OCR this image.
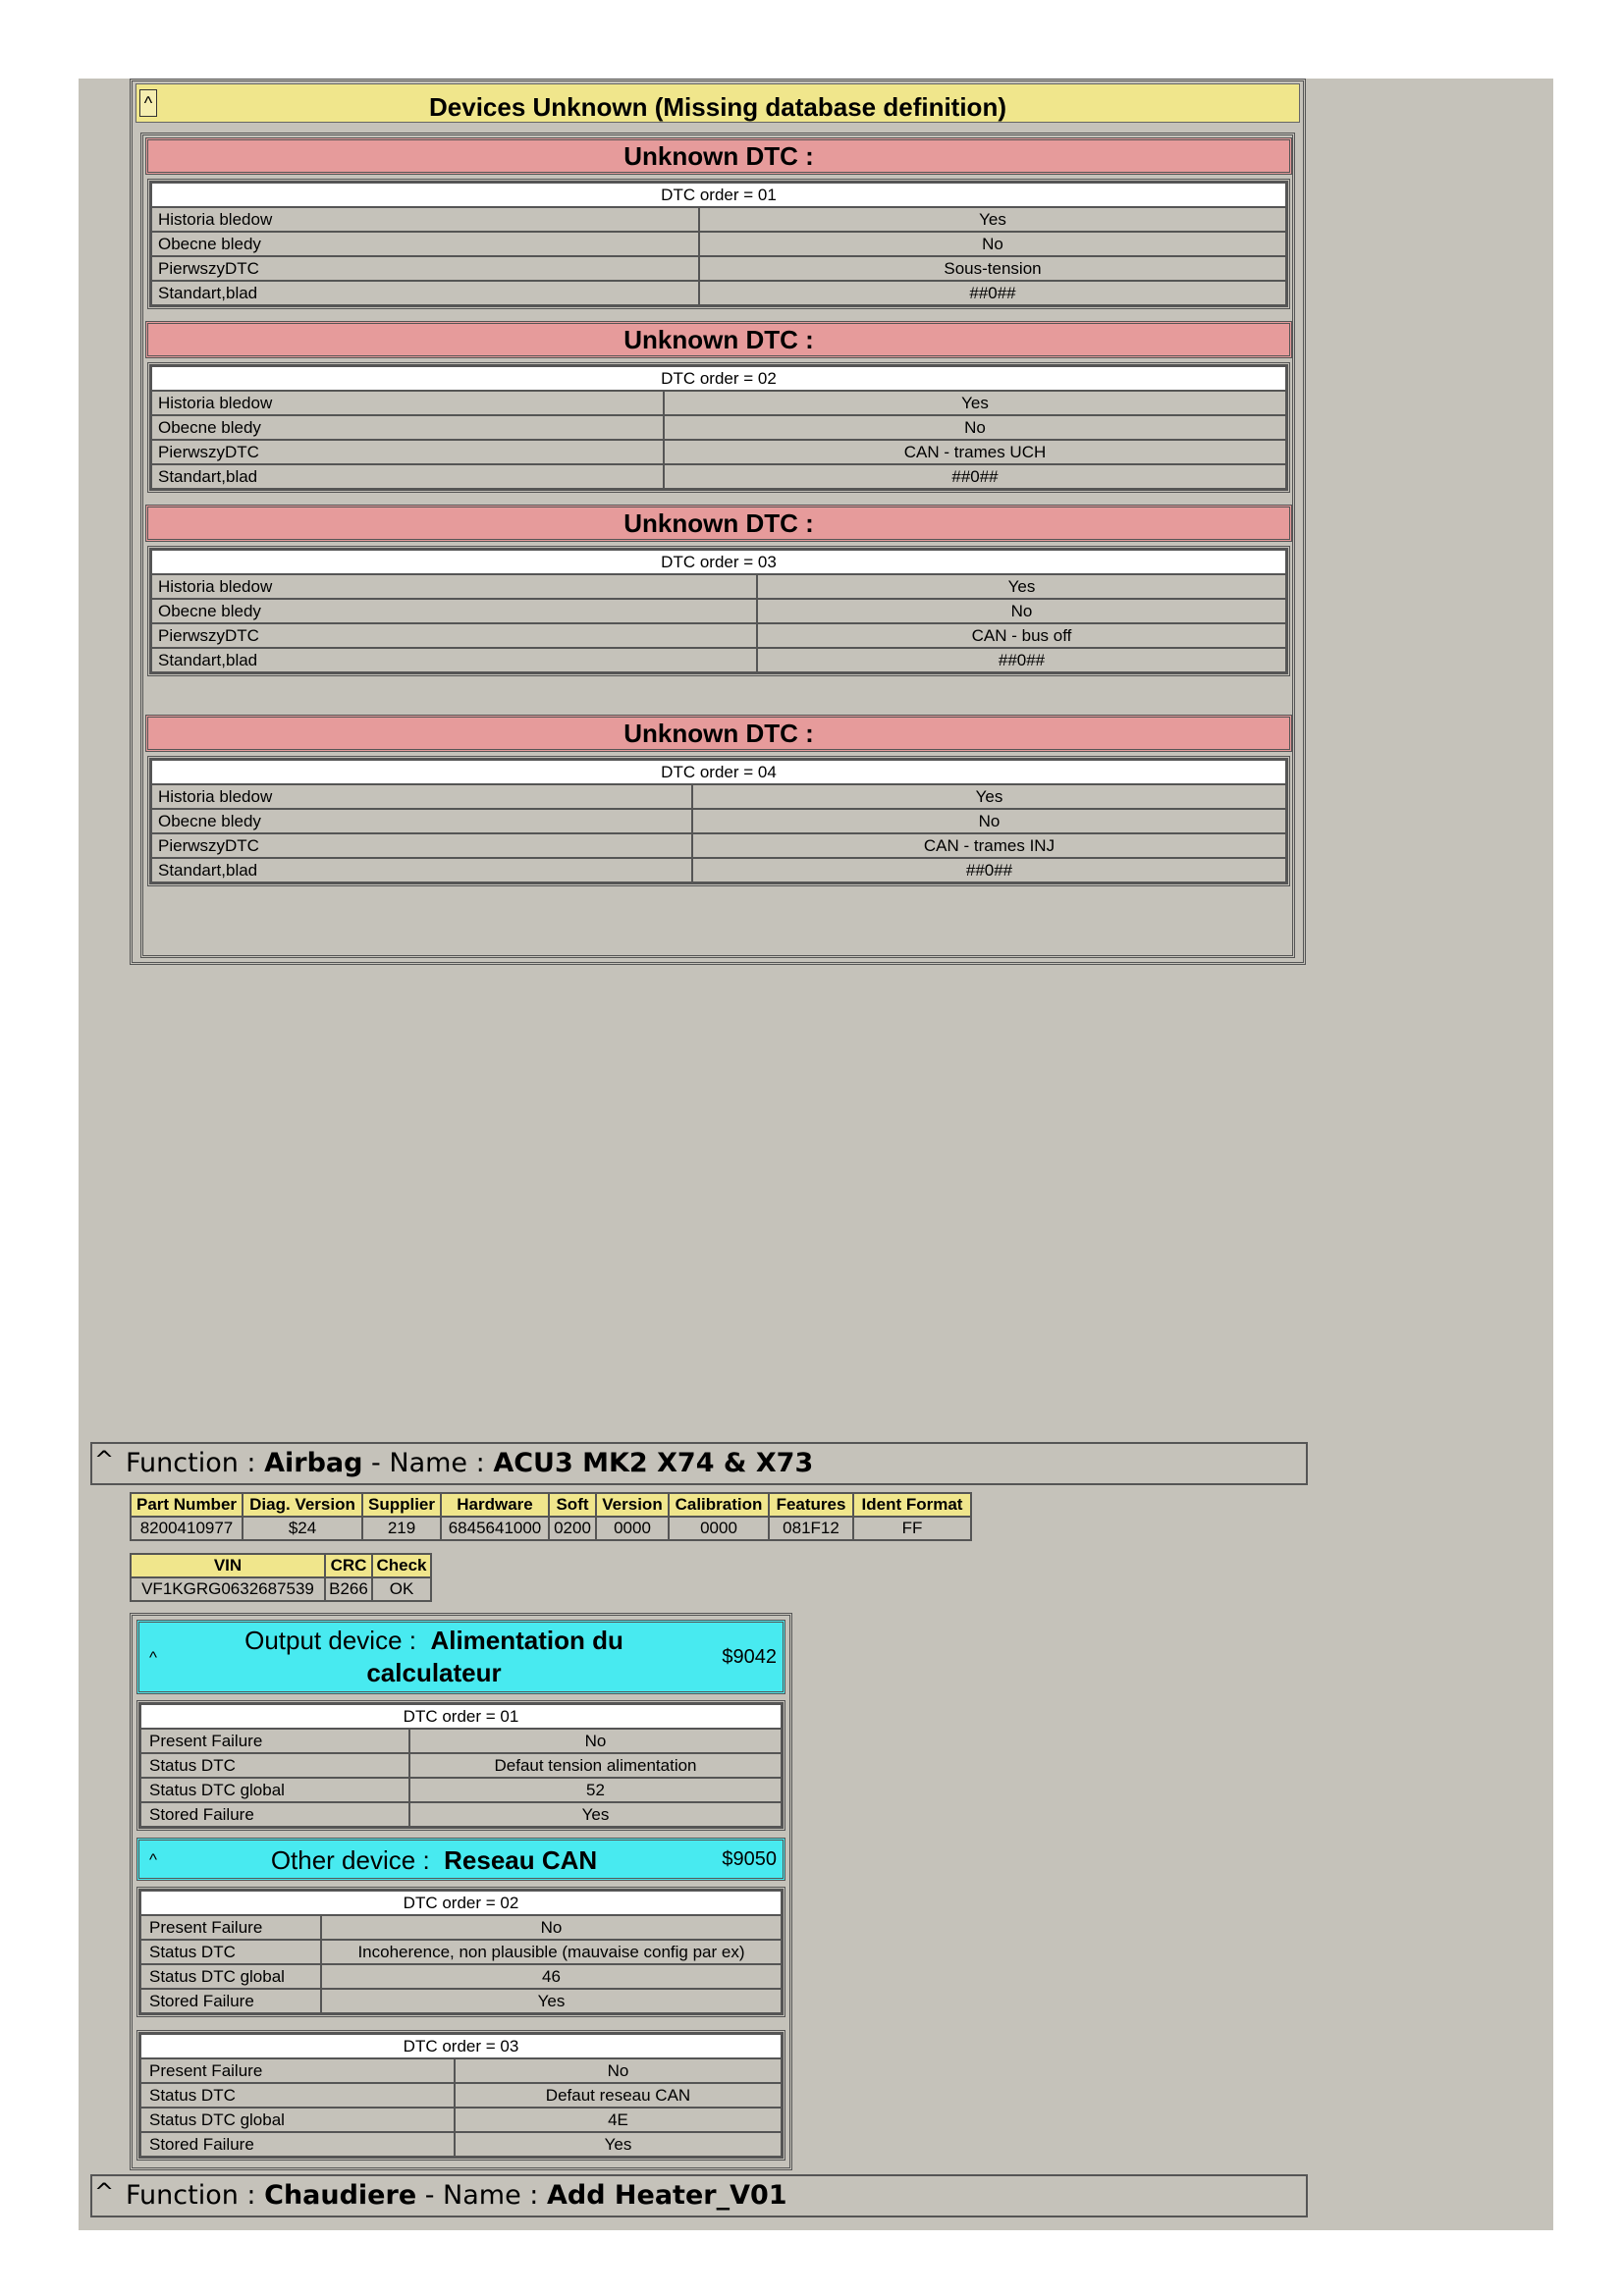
^	Devices Unknown (Missing database definition)
Unknown DTC :
DTC order = 01	
Historia bledow	Yes
Obecne bledy	No
PierwszyDTC	Sous-tension
Standart,blad	##0##
Unknown DTC :
DTC order = 02	
Historia bledow	Yes
Obecne bledy	No
PierwszyDTC	CAN - trames UCH
Standart,blad	##0##
Unknown DTC :
DTC order = 03	
Historia bledow	Yes
Obecne bledy	No
PierwszyDTC	CAN - bus off
Standart,blad	##0##
Unknown DTC :
DTC order = 04	
Historia bledow	Yes
Obecne bledy	No
PierwszyDTC	CAN - trames INJ
Standart,blad	##0##
^ Function : Airbag - Name : ACU3 MK2 X74 & X73
Part Number	Diag. Version	Supplier	Hardware	Soft	Version	Calibration	Features	Ident Format
8200410977	$24	219	6845641000	0200	0000	0000	081F12	FF
VIN	CRC	Check
VF1KGRG0632687539	B266	OK
^
Output device : Alimentation du
calculateur
$9042
DTC order = 01	
Present Failure	No
Status DTC	Defaut tension alimentation
Status DTC global	52
Stored Failure	Yes
^	Other device : Reseau CAN	$9050
DTC order = 02	
Present Failure	No
Status DTC	Incoherence, non plausible (mauvaise config par ex)
Status DTC global	46
Stored Failure	Yes
DTC order = 03	
Present Failure	No
Status DTC	Defaut reseau CAN
Status DTC global	4E
Stored Failure	Yes
^ Function : Chaudiere - Name : Add Heater_V01
